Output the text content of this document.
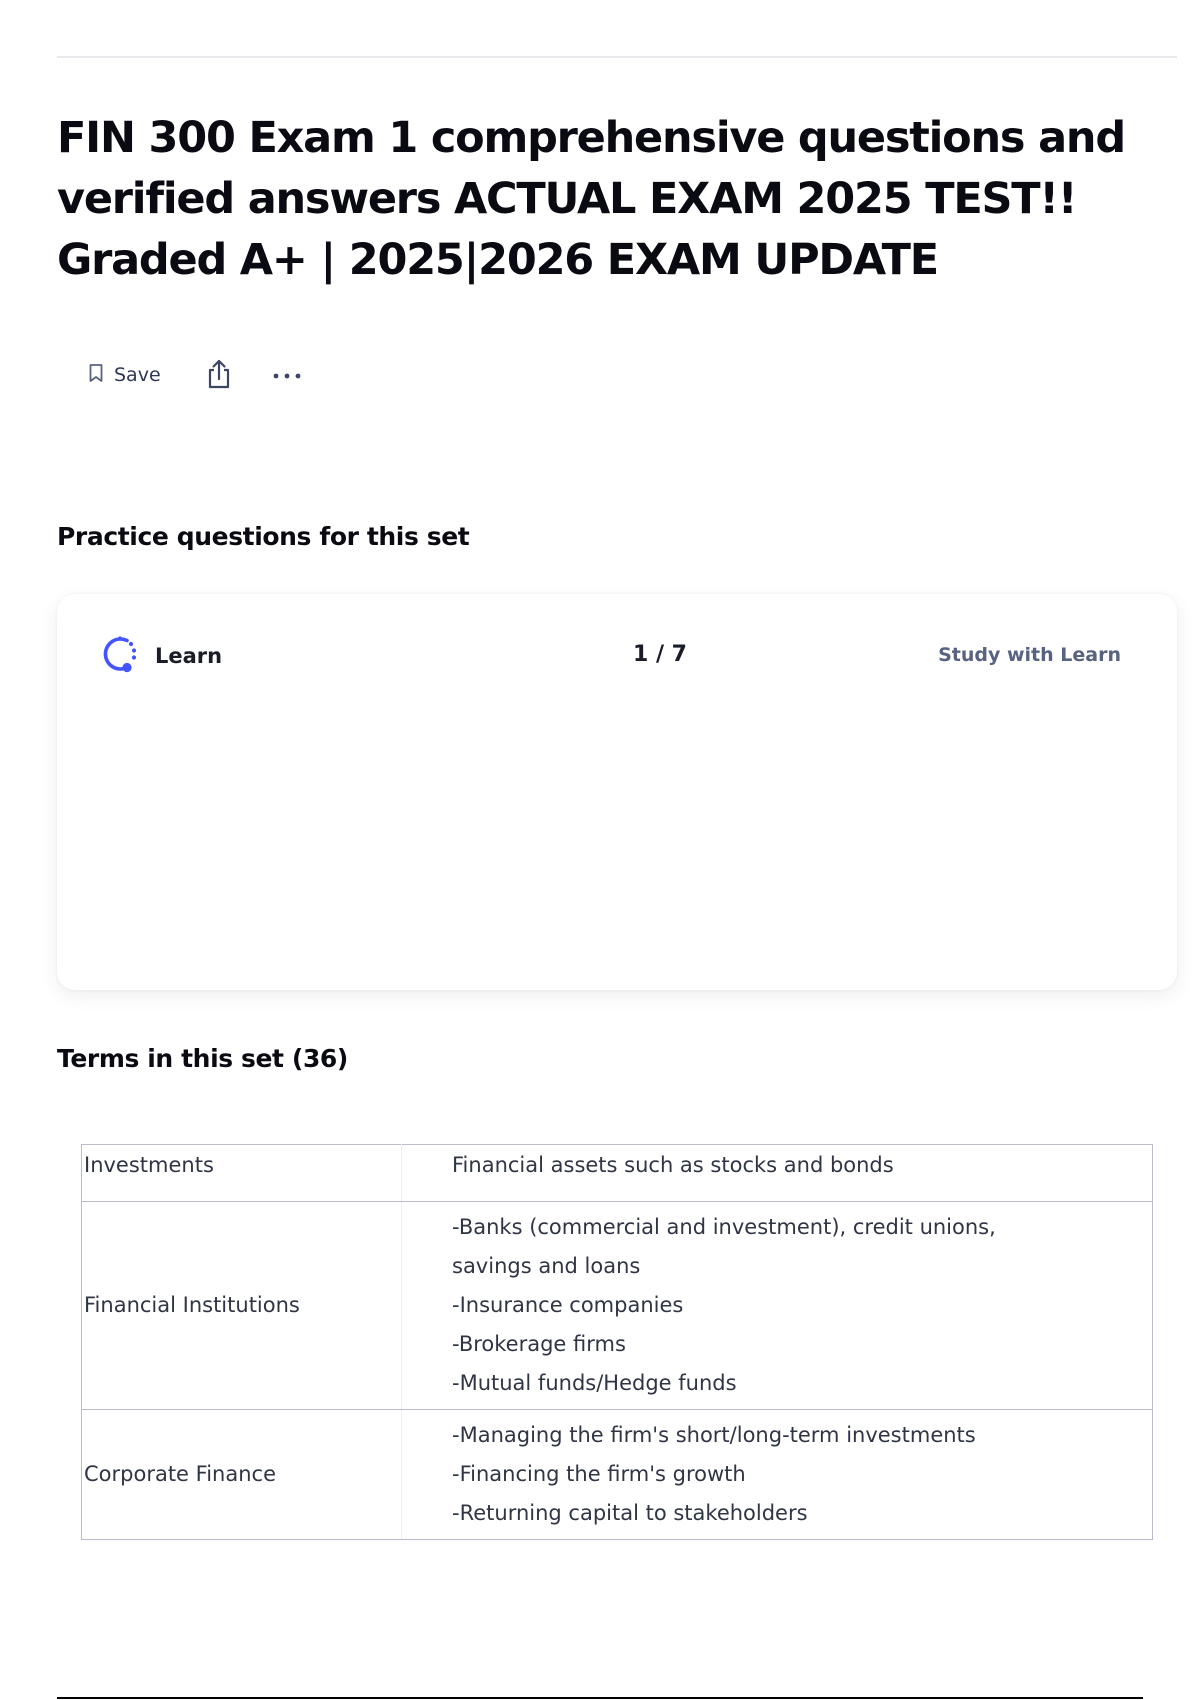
FIN 300 Exam 1 comprehensive questions and verified answers ACTUAL EXAM 2025 TEST!! Graded A+ | 2025|2026 EXAM UPDATE
Save
Practice questions for this set
Learn	1 / 7	Study with Learn
Terms in this set (36)
Investments	Financial assets such as stocks and bonds

Financial Institutions	-Banks (commercial and investment), credit unions,
savings and loans
-Insurance companies
-Brokerage firms
-Mutual funds/Hedge funds

Corporate Finance	-Managing the firm's short/long-term investments
-Financing the firm's growth
-Returning capital to stakeholders
